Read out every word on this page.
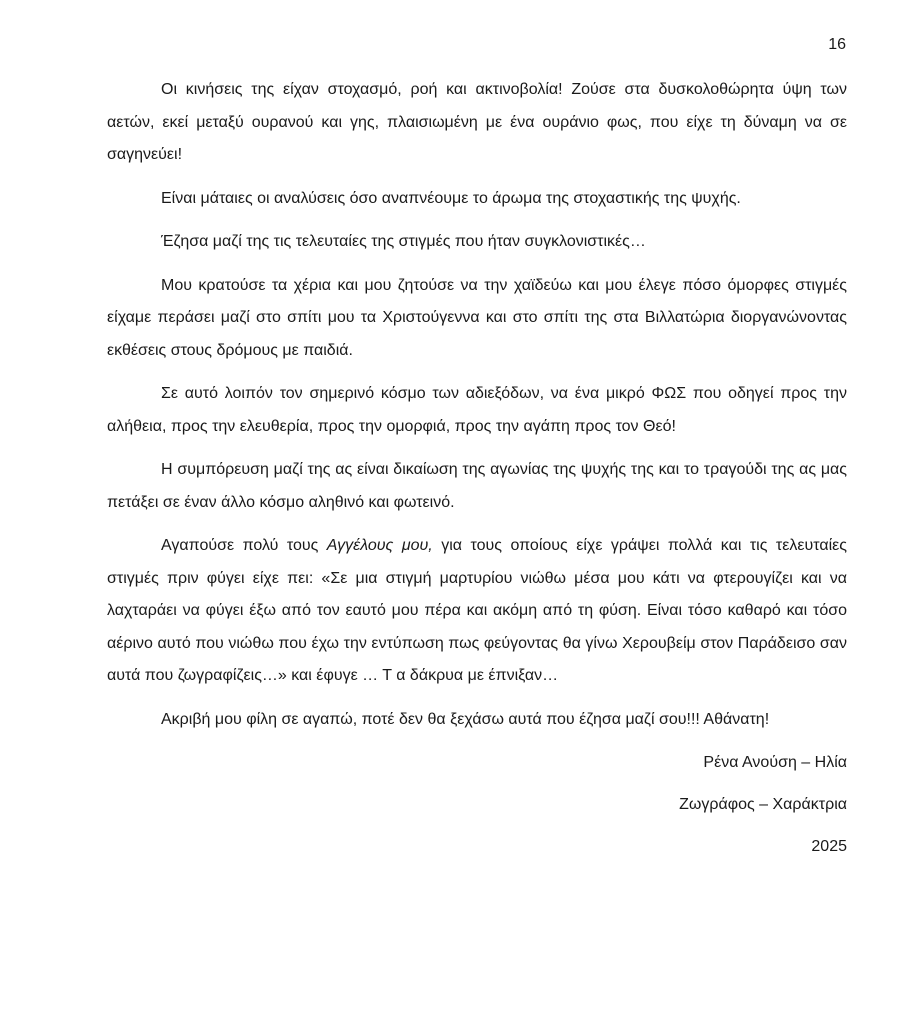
16

Οι κινήσεις της είχαν στοχασμό, ροή και ακτινοβολία! Ζούσε στα δυσκολοθώρητα ύψη των αετών, εκεί μεταξύ ουρανού και γης, πλαισιωμένη με ένα ουράνιο φως, που είχε τη δύναμη να σε σαγηνεύει!

Είναι μάταιες οι αναλύσεις όσο αναπνέουμε το άρωμα της στοχαστικής της ψυχής.

Έζησα μαζί της τις τελευταίες της στιγμές που ήταν συγκλονιστικές…

Μου κρατούσε τα χέρια και μου ζητούσε να την χαϊδεύω και μου έλεγε πόσο όμορφες στιγμές είχαμε περάσει μαζί στο σπίτι μου τα Χριστούγεννα και στο σπίτι της στα Βιλλατώρια διοργανώνοντας εκθέσεις στους δρόμους με παιδιά.

Σε αυτό λοιπόν τον σημερινό κόσμο των αδιεξόδων, να ένα μικρό ΦΩΣ που οδηγεί προς την αλήθεια, προς την ελευθερία, προς την ομορφιά, προς την αγάπη προς τον Θεό!

Η συμπόρευση μαζί της ας είναι δικαίωση της αγωνίας της ψυχής της και το τραγούδι της ας μας πετάξει σε έναν άλλο κόσμο αληθινό και φωτεινό.

Αγαπούσε πολύ τους Αγγέλους μου, για τους οποίους είχε γράψει πολλά και τις τελευταίες στιγμές πριν φύγει είχε πει: «Σε μια στιγμή μαρτυρίου νιώθω μέσα μου κάτι να φτερουγίζει και να λαχταράει να φύγει έξω από τον εαυτό μου πέρα και ακόμη από τη φύση. Είναι τόσο καθαρό και τόσο αέρινο αυτό που νιώθω που έχω την εντύπωση πως φεύγοντας θα γίνω Χερουβείμ στον Παράδεισο σαν αυτά που ζωγραφίζεις…» και έφυγε … Τ α δάκρυα με έπνιξαν…

Ακριβή μου φίλη σε αγαπώ, ποτέ δεν θα ξεχάσω αυτά που έζησα μαζί σου!!! Αθάνατη!

Ρένα Ανούση – Ηλία

Ζωγράφος – Χαράκτρια

2025
